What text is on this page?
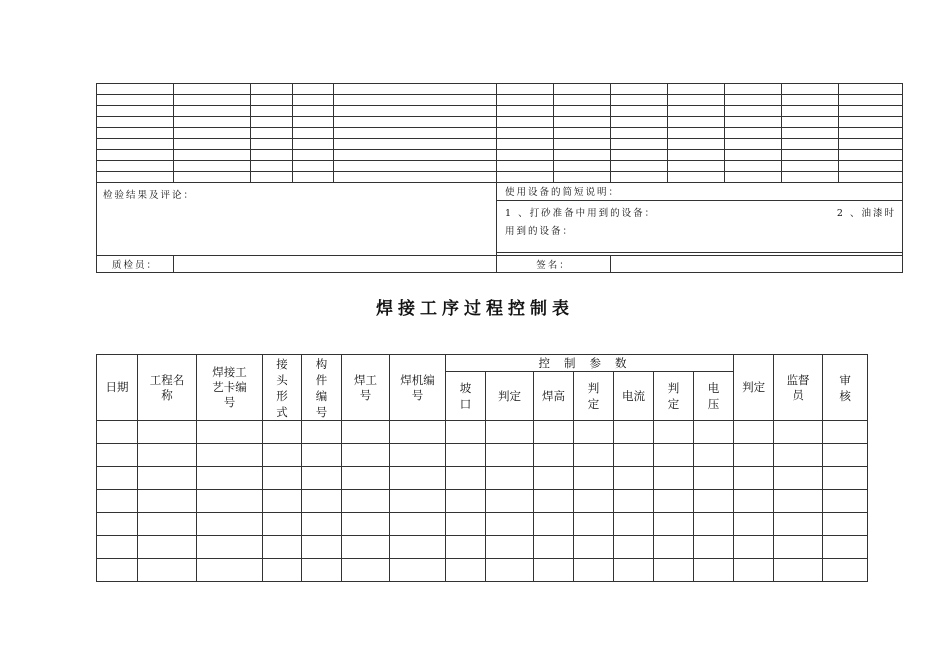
检验结果及评论：					使用设备的简短说明：						

					1 、打砂准备中用到的设备： 2 、油漆时
用到的设备：						

质检员：					签名：						
焊接工序过程控制表
日期	工程名称	焊接工艺卡编号	接头形式	构件编号	焊工号	焊机编号	控制参数							判定	监督员	审核
							坡口	判定	焊高	判定	电流	判定	电压			
